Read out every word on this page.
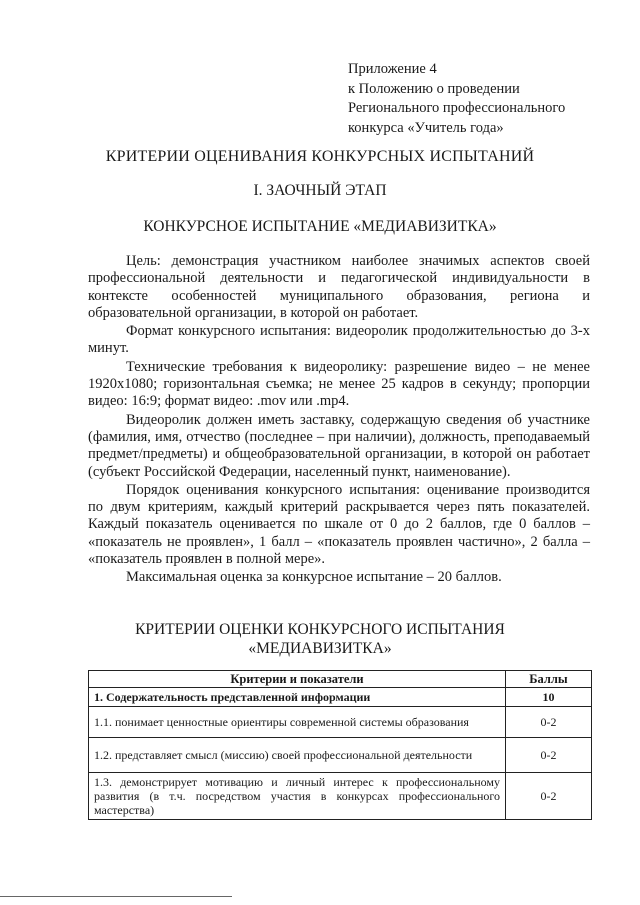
Приложение 4
к Положению о проведении
Регионального профессионального
конкурса «Учитель года»
КРИТЕРИИ ОЦЕНИВАНИЯ КОНКУРСНЫХ ИСПЫТАНИЙ
I. ЗАОЧНЫЙ ЭТАП
КОНКУРСНОЕ ИСПЫТАНИЕ «МЕДИАВИЗИТКА»

Цель: демонстрация участником наиболее значимых аспектов своей профессиональной деятельности и педагогической индивидуальности в контексте особенностей муниципального образования, региона и образовательной организации, в которой он работает.

Формат конкурсного испытания: видеоролик продолжительностью до 3-х минут.

Технические требования к видеоролику: разрешение видео – не менее 1920x1080; горизонтальная съемка; не менее 25 кадров в секунду; пропорции видео: 16:9; формат видео: .mov или .mp4.

Видеоролик должен иметь заставку, содержащую сведения об участнике (фамилия, имя, отчество (последнее – при наличии), должность, преподаваемый предмет/предметы) и общеобразовательной организации, в которой он работает (субъект Российской Федерации, населенный пункт, наименование).

Порядок оценивания конкурсного испытания: оценивание производится по двум критериям, каждый критерий раскрывается через пять показателей. Каждый показатель оценивается по шкале от 0 до 2 баллов, где 0 баллов – «показатель не проявлен», 1 балл – «показатель проявлен частично», 2 балла – «показатель проявлен в полной мере».

Максимальная оценка за конкурсное испытание – 20 баллов.

КРИТЕРИИ ОЦЕНКИ КОНКУРСНОГО ИСПЫТАНИЯ
«МЕДИАВИЗИТКА»
Критерии и показатели	Баллы
1. Содержательность представленной информации	10
1.1. понимает ценностные ориентиры современной системы образования	0-2
1.2. представляет смысл (миссию) своей профессиональной деятельности	0-2
1.3. демонстрирует мотивацию и личный интерес к профессиональному развития (в т.ч. посредством участия в конкурсах профессионального мастерства)	0-2
